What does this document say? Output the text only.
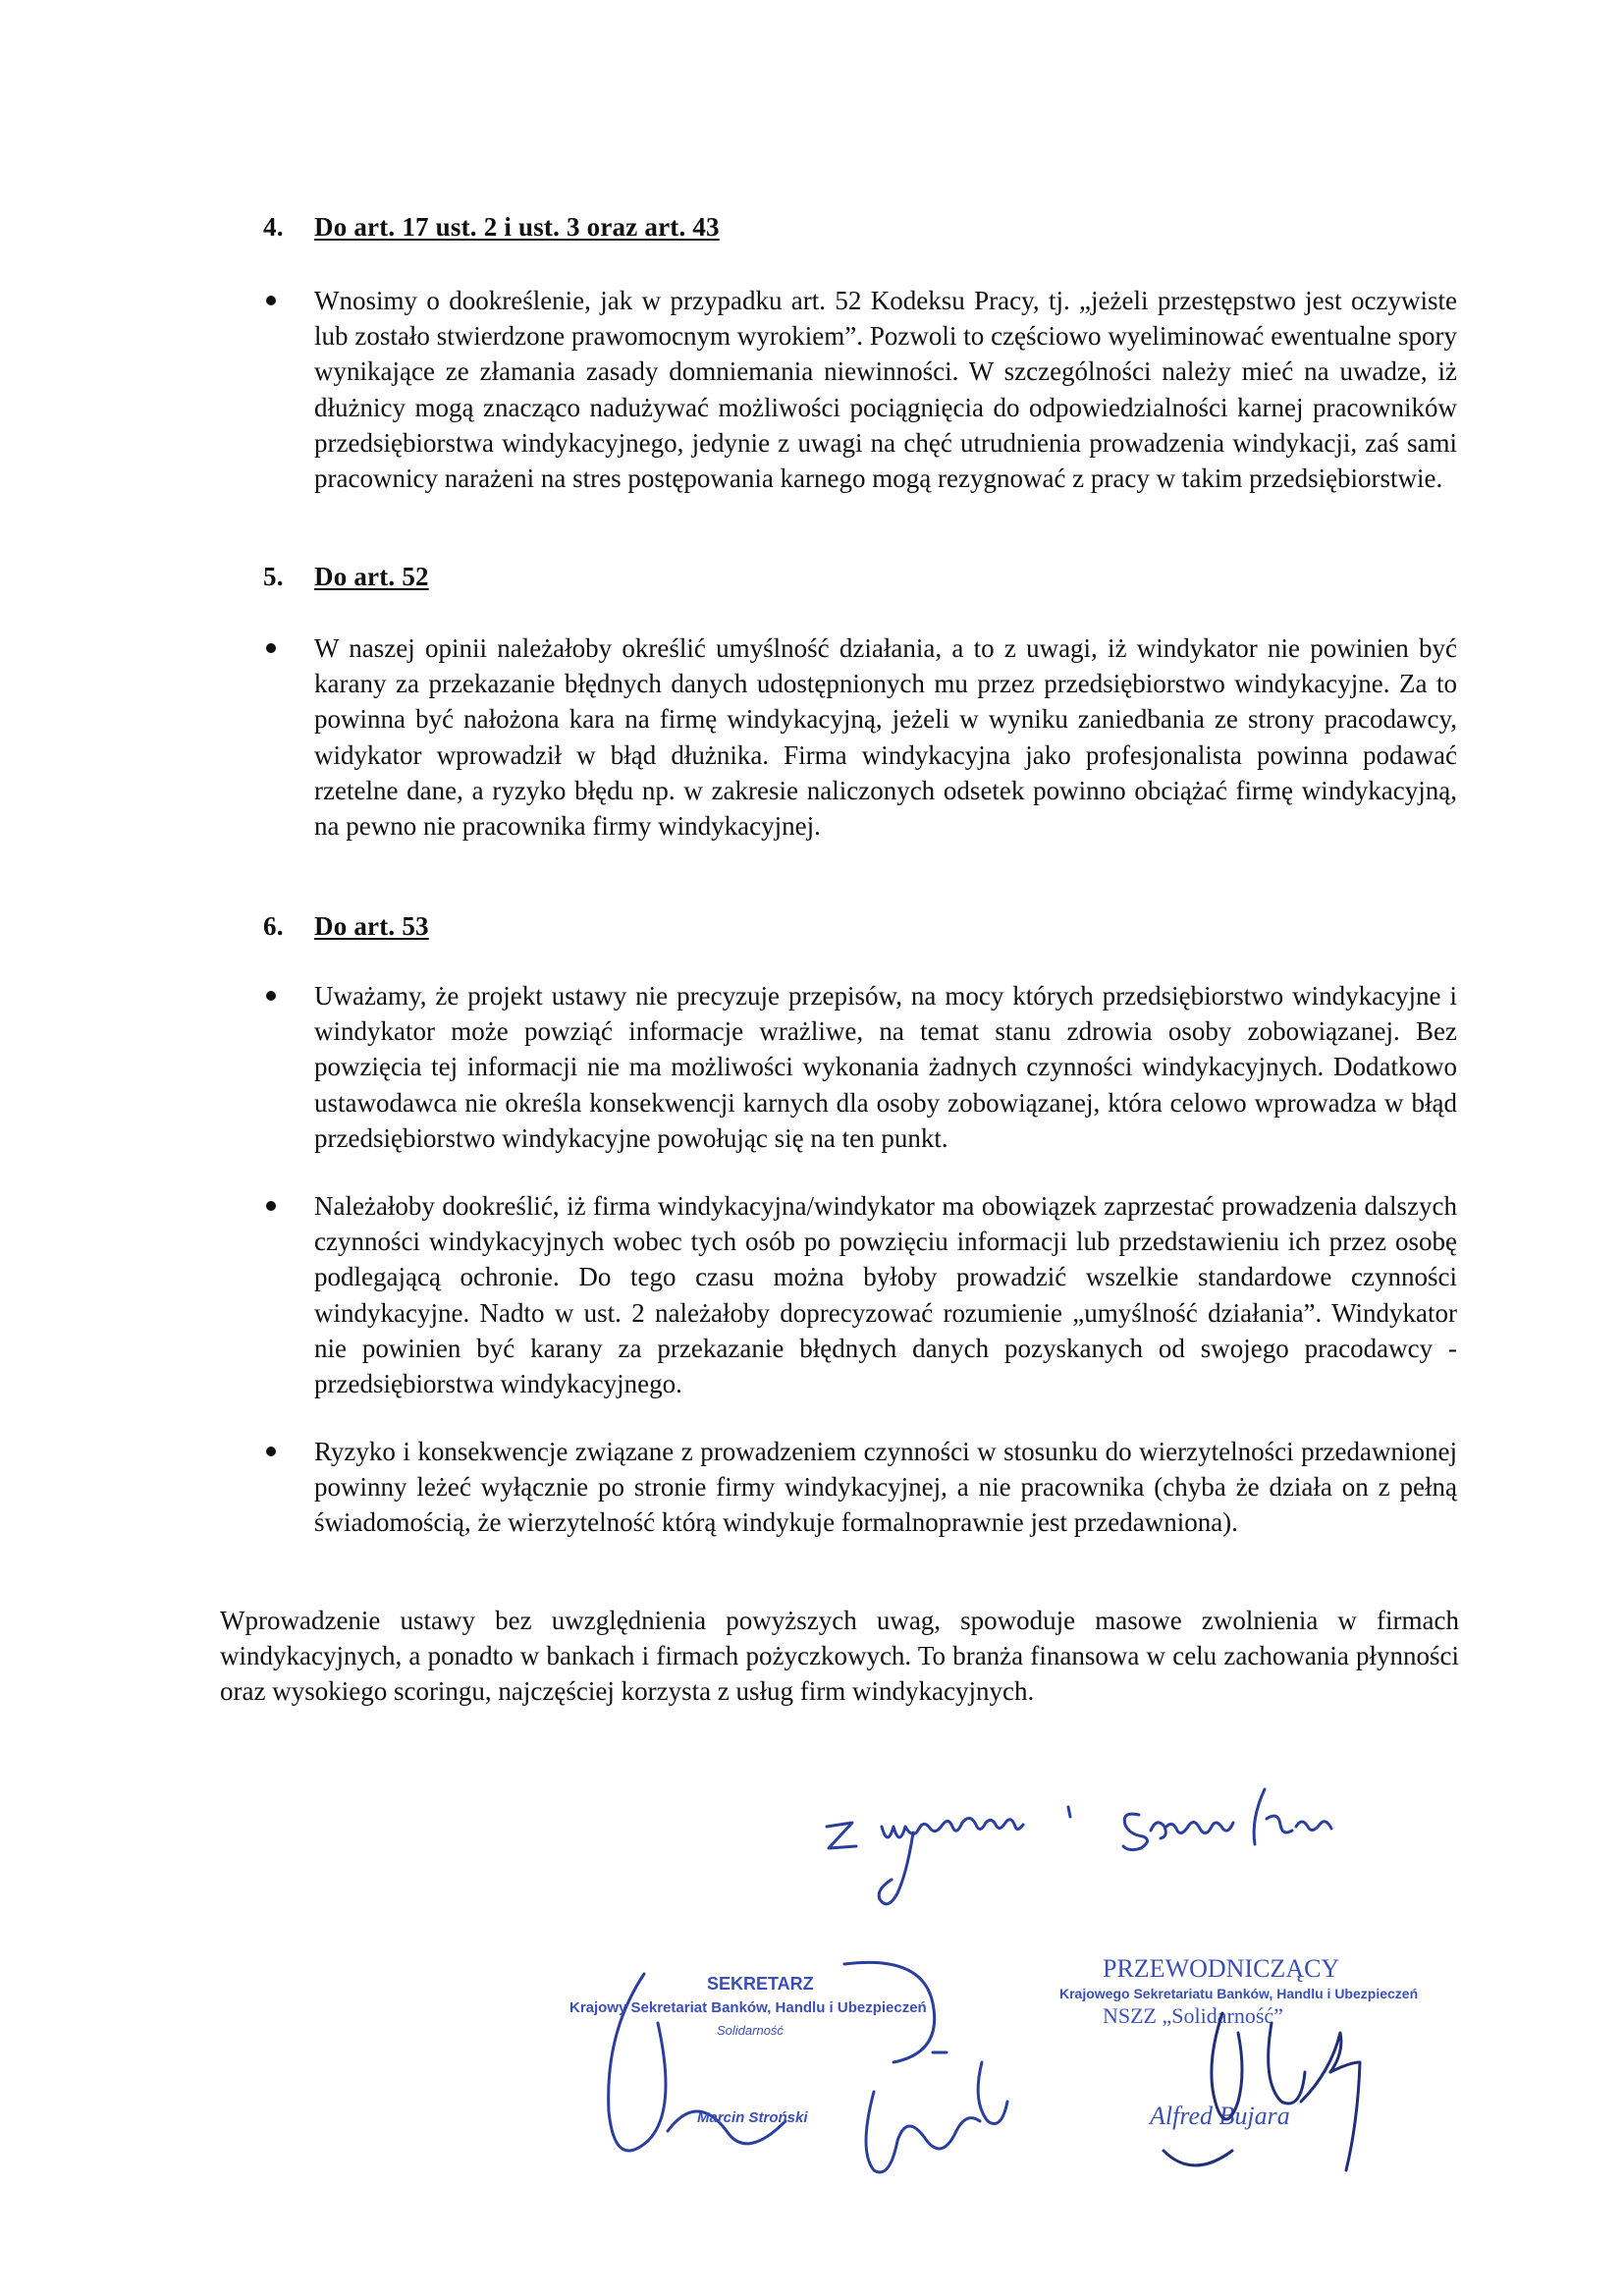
4. Do art. 17 ust. 2 i ust. 3 oraz art. 43
Wnosimy o dookreślenie, jak w przypadku art. 52 Kodeksu Pracy, tj. „jeżeli przestępstwo jest oczywiste lub zostało stwierdzone prawomocnym wyrokiem”. Pozwoli to częściowo wyeliminować ewentualne spory wynikające ze złamania zasady domniemania niewinności. W szczególności należy mieć na uwadze, iż dłużnicy mogą znacząco nadużywać możliwości pociągnięcia do odpowiedzialności karnej pracowników przedsiębiorstwa windykacyjnego, jedynie z uwagi na chęć utrudnienia prowadzenia windykacji, zaś sami pracownicy narażeni na stres postępowania karnego mogą rezygnować z pracy w takim przedsiębiorstwie.
5. Do art. 52
W naszej opinii należałoby określić umyślność działania, a to z uwagi, iż windykator nie powinien być karany za przekazanie błędnych danych udostępnionych mu przez przedsiębiorstwo windykacyjne. Za to powinna być nałożona kara na firmę windykacyjną, jeżeli w wyniku zaniedbania ze strony pracodawcy, widykator wprowadził w błąd dłużnika. Firma windykacyjna jako profesjonalista powinna podawać rzetelne dane, a ryzyko błędu np. w zakresie naliczonych odsetek powinno obciążać firmę windykacyjną, na pewno nie pracownika firmy windykacyjnej.
6. Do art. 53
Uważamy, że projekt ustawy nie precyzuje przepisów, na mocy których przedsiębiorstwo windykacyjne i windykator może powziąć informacje wrażliwe, na temat stanu zdrowia osoby zobowiązanej. Bez powzięcia tej informacji nie ma możliwości wykonania żadnych czynności windykacyjnych. Dodatkowo ustawodawca nie określa konsekwencji karnych dla osoby zobowiązanej, która celowo wprowadza w błąd przedsiębiorstwo windykacyjne powołując się na ten punkt.
Należałoby dookreślić, iż firma windykacyjna/windykator ma obowiązek zaprzestać prowadzenia dalszych czynności windykacyjnych wobec tych osób po powzięciu informacji lub przedstawieniu ich przez osobę podlegającą ochronie. Do tego czasu można byłoby prowadzić wszelkie standardowe czynności windykacyjne. Nadto w ust. 2 należałoby doprecyzować rozumienie „umyślność działania”. Windykator nie powinien być karany za przekazanie błędnych danych pozyskanych od swojego pracodawcy - przedsiębiorstwa windykacyjnego.
Ryzyko i konsekwencje związane z prowadzeniem czynności w stosunku do wierzytelności przedawnionej powinny leżeć wyłącznie po stronie firmy windykacyjnej, a nie pracownika (chyba że działa on z pełną świadomością, że wierzytelność którą windykuje formalnoprawnie jest przedawniona).
Wprowadzenie ustawy bez uwzględnienia powyższych uwag, spowoduje masowe zwolnienia w firmach windykacyjnych, a ponadto w bankach i firmach pożyczkowych. To branża finansowa w celu zachowania płynności oraz wysokiego scoringu, najczęściej korzysta z usług firm windykacyjnych.
SEKRETARZ
Krajowy Sekretariat Banków, Handlu i Ubezpieczeń
Solidarność
Marcin Stroński
PRZEWODNICZĄCY
Krajowego Sekretariatu Banków, Handlu i Ubezpieczeń
NSZZ „Solidarność”
Alfred Bujara
